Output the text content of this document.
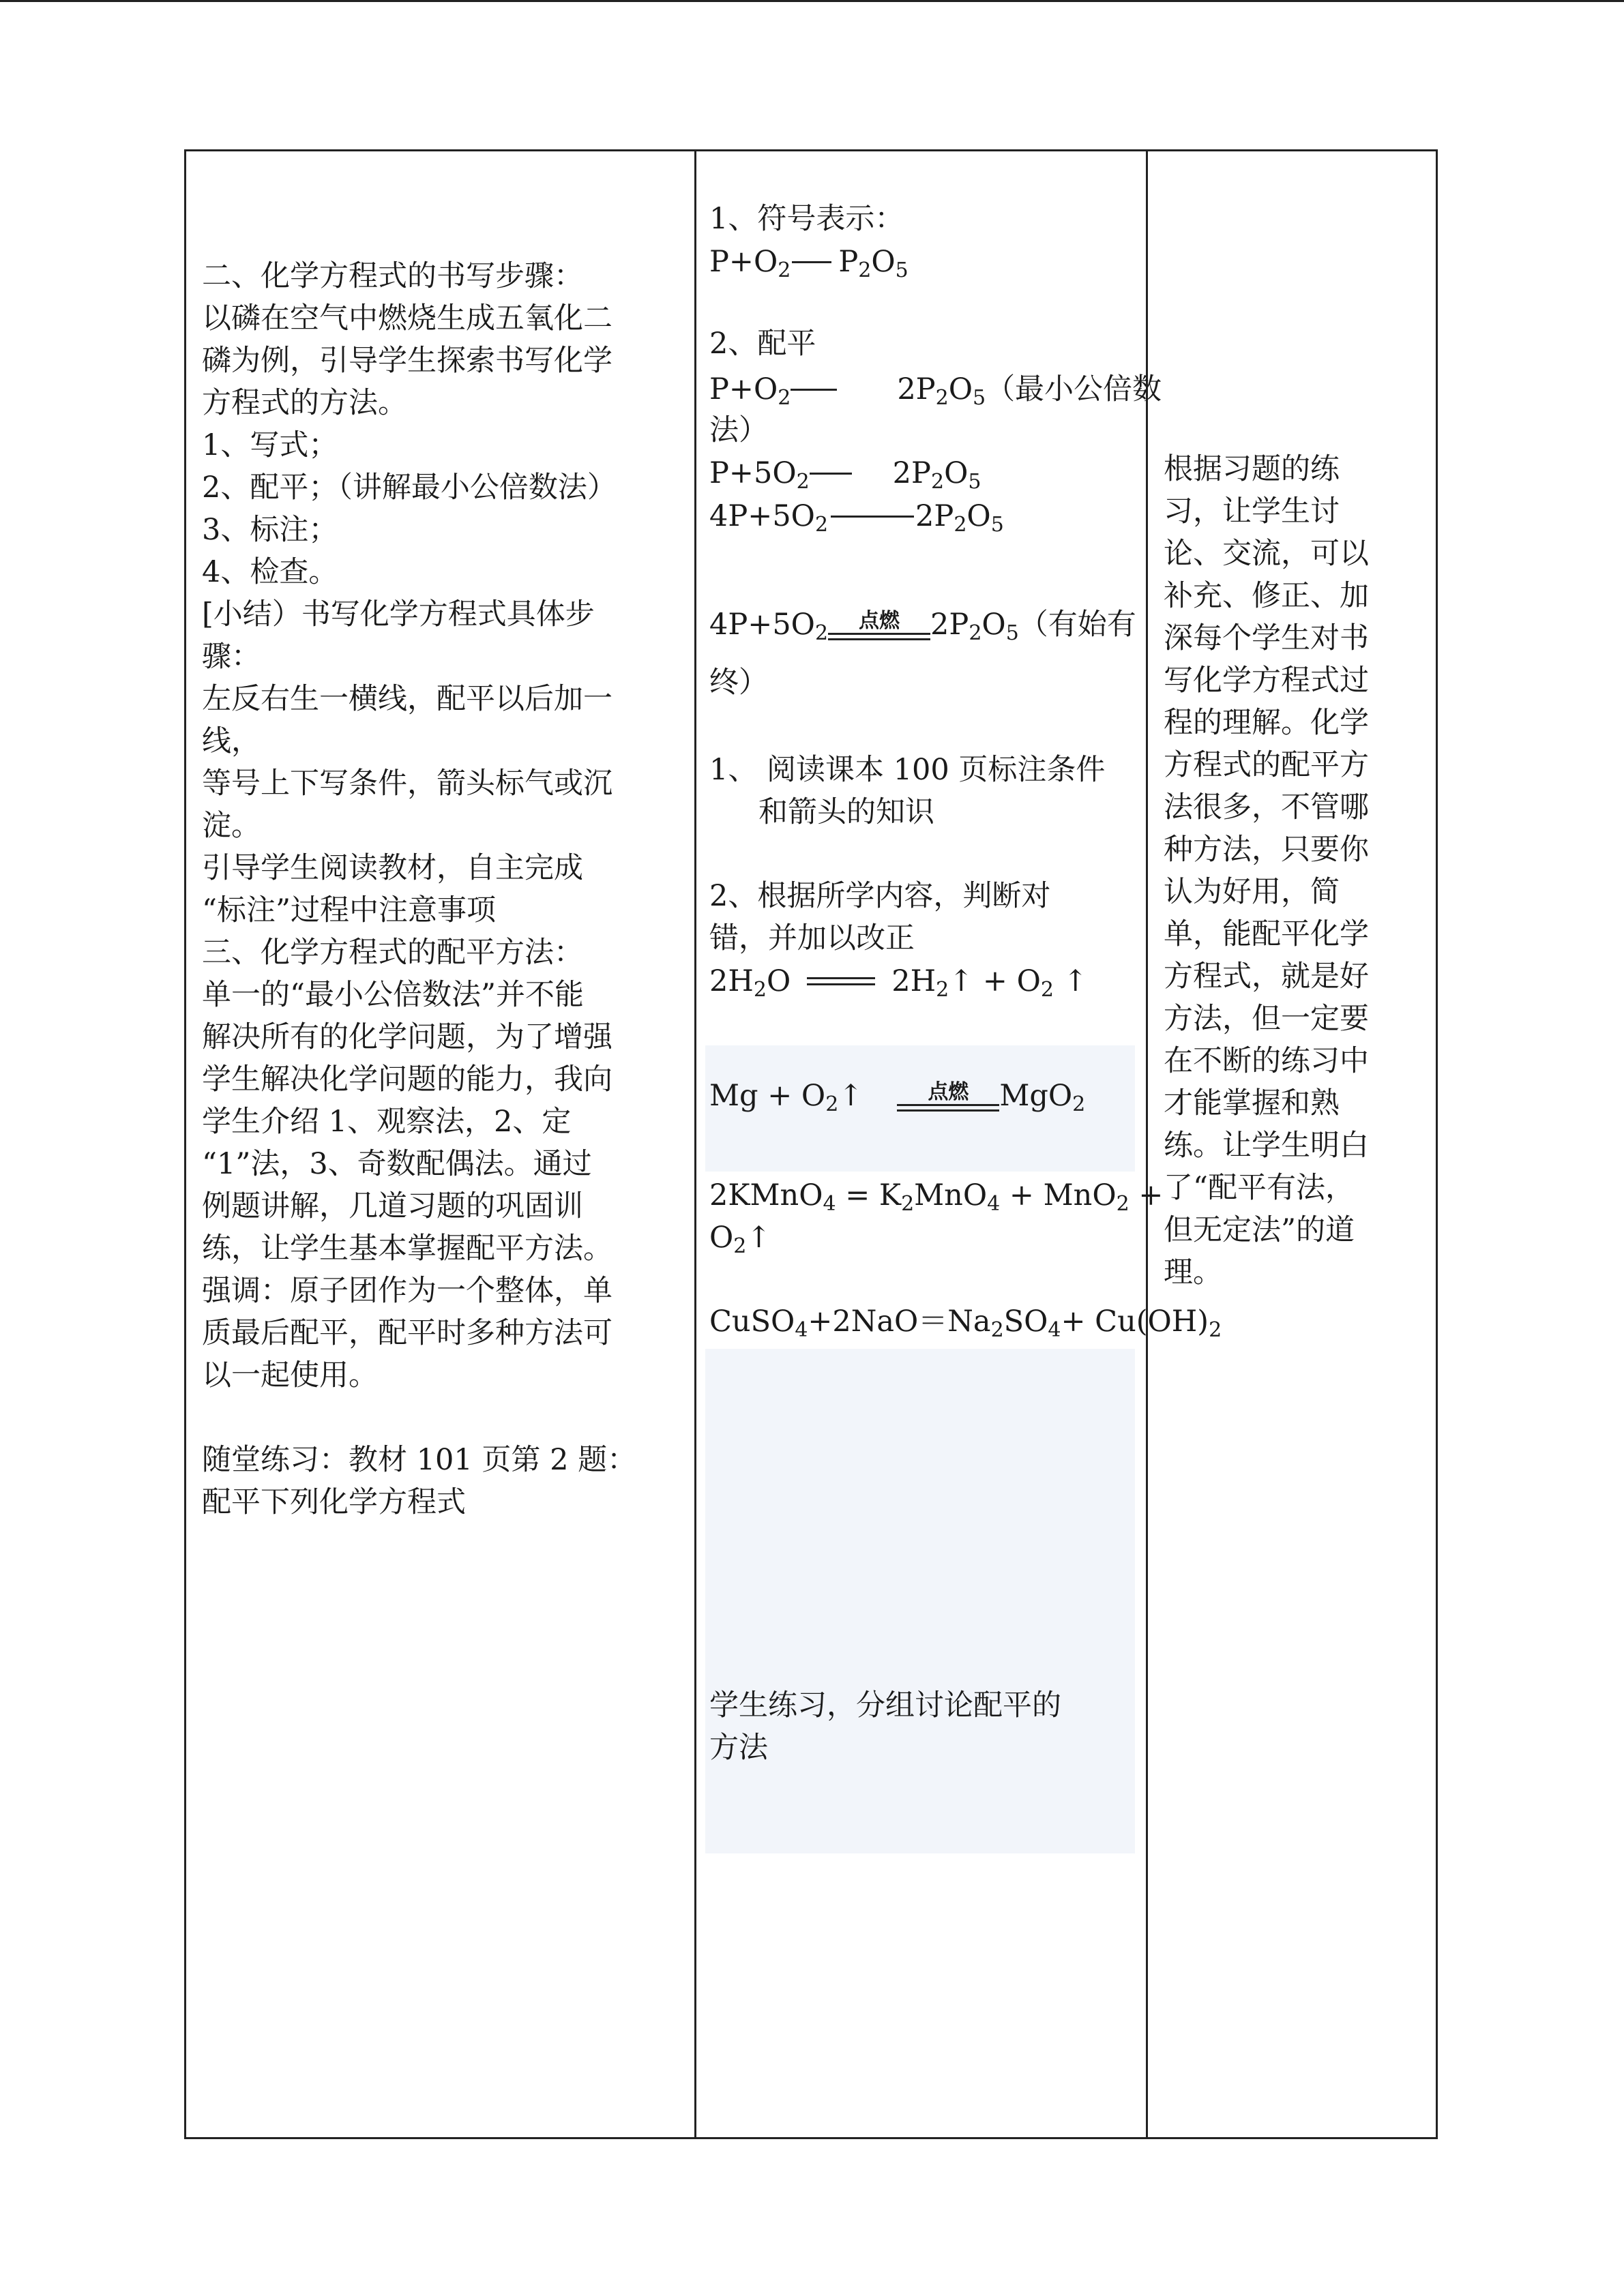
二、化学方程式的书写步骤：

以磷在空气中燃烧生成五氧化二

磷为例，引导学生探索书写化学

方程式的方法。

1、写式；

2、配平；（讲解最小公倍数法）

3、标注；

4、检查。

[小结）书写化学方程式具体步

骤：

左反右生一横线，配平以后加一

线，

等号上下写条件，箭头标气或沉

淀。

引导学生阅读教材，自主完成

“标注”过程中注意事项

三、化学方程式的配平方法：

单一的“最小公倍数法”并不能

解决所有的化学问题，为了增强

学生解决化学问题的能力，我向

学生介绍 1、观察法，2、定

“1”法，3、奇数配偶法。通过

例题讲解，几道习题的巩固训

练，让学生基本掌握配平方法。

强调：原子团作为一个整体，单

质最后配平，配平时多种方法可

以一起使用。

随堂练习：教材 101 页第 2 题：

配平下列化学方程式

1、符号表示：
$P+O_2$ $P_2O_5$
2、配平
$P+O_2$	$2P_2O_5$（最小公倍数
法）
$P+5O_2$	$2P_2O_5$
$4P+5O_2$	$2P_2O_5$
$4P+5O_2$
点燃	$2P_2O_5$（有始有
终）
1、 阅读课本 100 页标注条件
和箭头的知识
2、根据所学内容，判断对
错，并加以改正
$2H_2O$	$2H_2↑ + O_2$ ↑
$Mg + O_2↑$	点燃	MgO$_2$
2KMnO$_4$ = $K_2MnO_4 + MnO_2$ +
$O_2↑$
$CuSO_4+2NaO=Na_2SO_4+ Cu(OH)_2$
学生练习，分组讨论配平的
方法

根据习题的练

习，让学生讨

论、交流，可以

补充、修正、加

深每个学生对书

写化学方程式过

程的理解。化学

方程式的配平方

法很多，不管哪

种方法，只要你

认为好用，简

单，能配平化学

方程式，就是好

方法，但一定要

在不断的练习中

才能掌握和熟

练。让学生明白

了“配平有法，

但无定法”的道

理。
